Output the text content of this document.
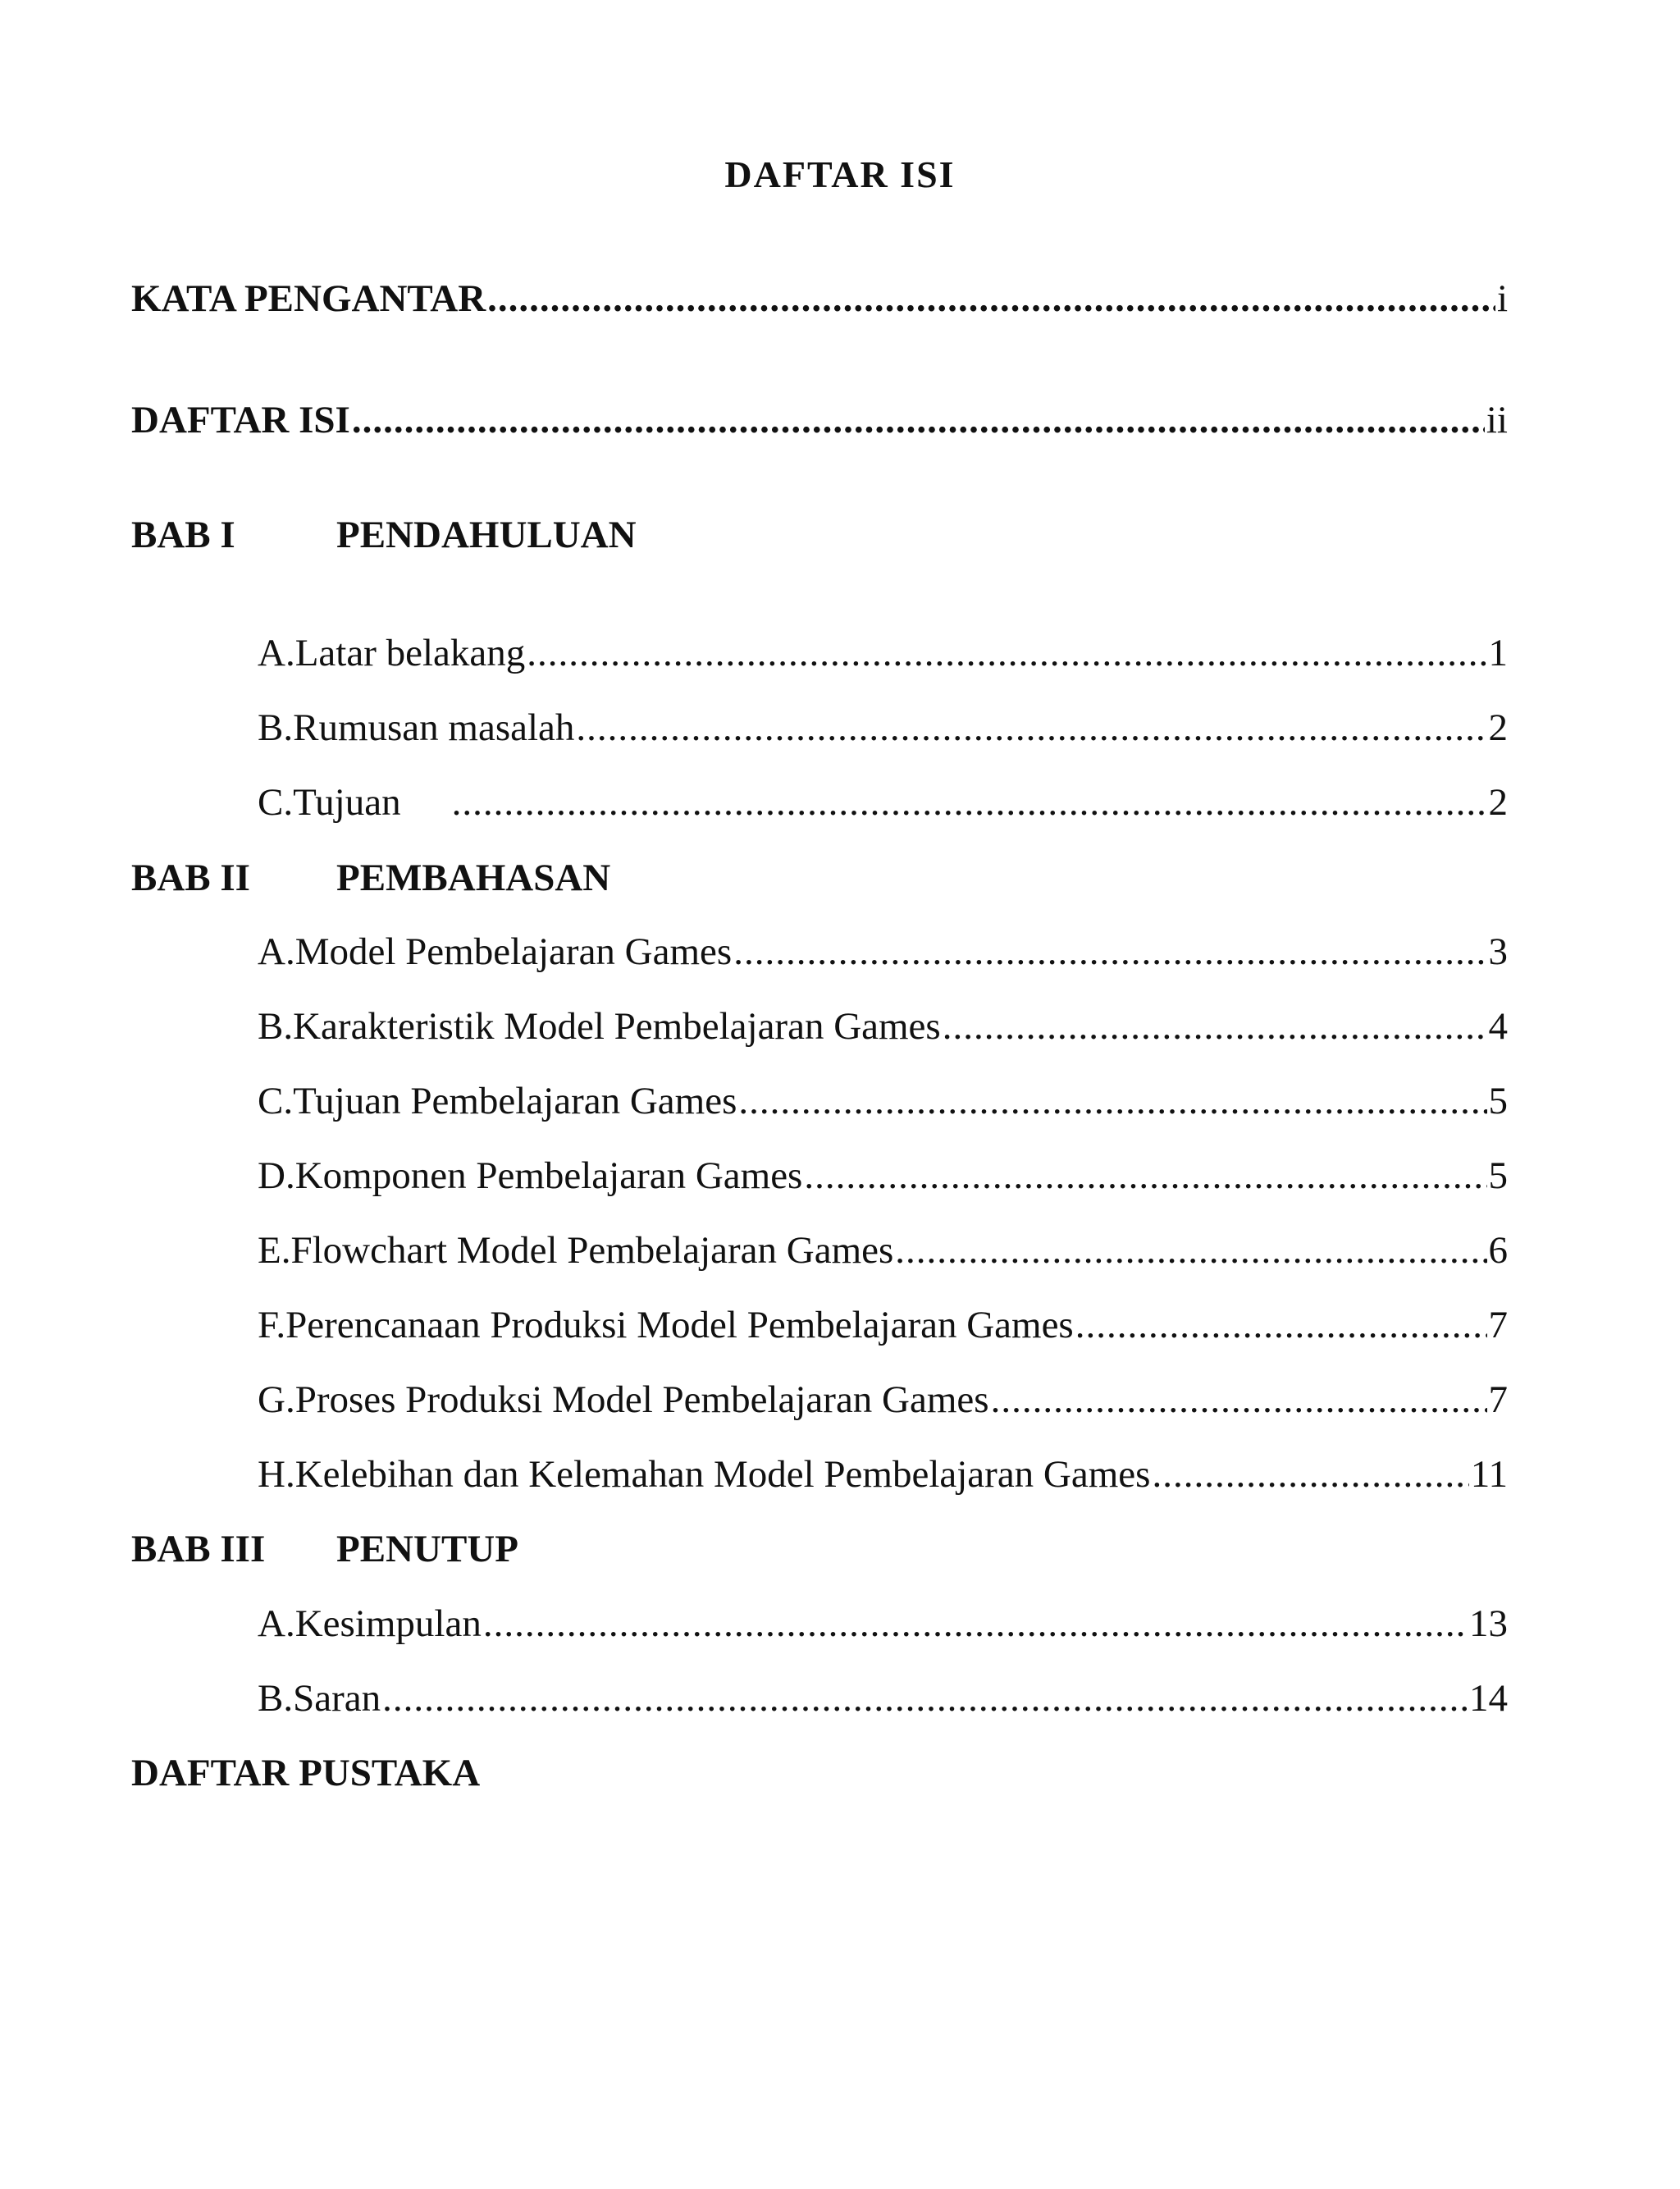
DAFTAR ISI
KATA PENGANTAR .....	i
DAFTAR ISI .....	ii
BAB I	PENDAHULUAN
A. Latar belakang .....	1
B. Rumusan masalah .....	2
C. Tujuan .....	2
BAB II	PEMBAHASAN
A. Model Pembelajaran Games .....	3
B. Karakteristik Model Pembelajaran Games .....	4
C. Tujuan Pembelajaran Games .....	5
D. Komponen Pembelajaran Games .....	5
E. Flowchart Model Pembelajaran Games .....	6
F. Perencanaan Produksi Model Pembelajaran Games .....	7
G. Proses Produksi Model Pembelajaran Games .....	7
H. Kelebihan dan Kelemahan Model Pembelajaran Games .....	11
BAB III	PENUTUP
A. Kesimpulan .....	13
B. Saran .....	14
DAFTAR PUSTAKA
